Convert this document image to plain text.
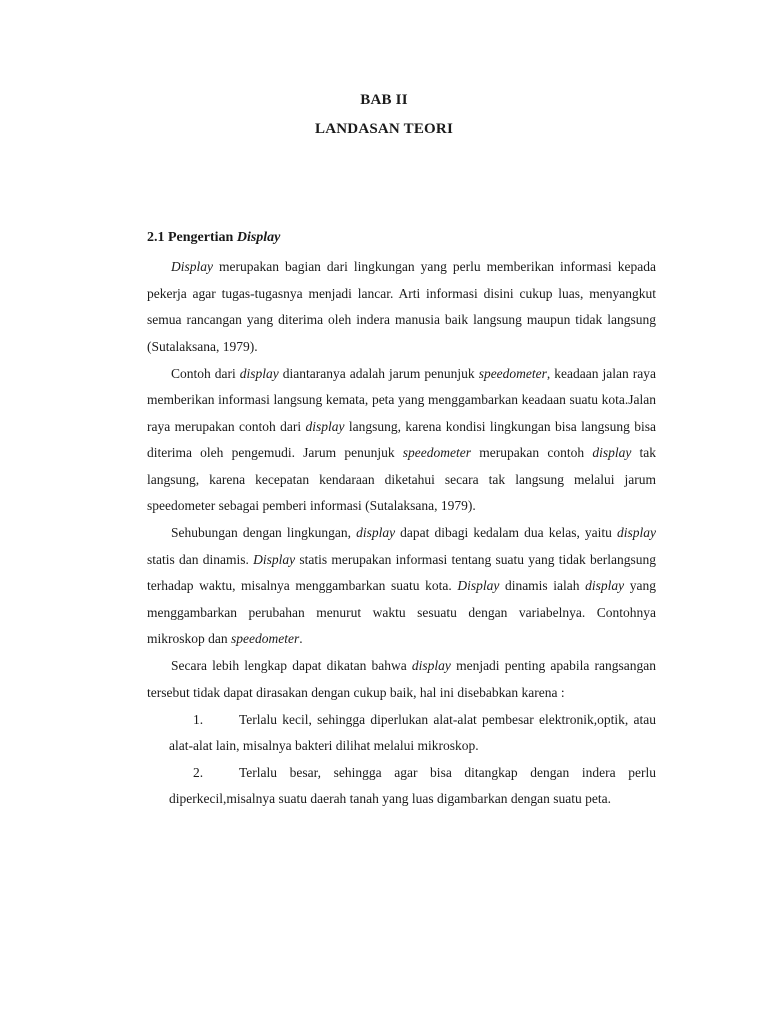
BAB II
LANDASAN TEORI
2.1 Pengertian Display

Display merupakan bagian dari lingkungan yang perlu memberikan informasi kepada pekerja agar tugas-tugasnya menjadi lancar. Arti informasi disini cukup luas, menyangkut semua rancangan yang diterima oleh indera manusia baik langsung maupun tidak langsung (Sutalaksana, 1979).

Contoh dari display diantaranya adalah jarum penunjuk speedometer, keadaan jalan raya memberikan informasi langsung kemata, peta yang menggambarkan keadaan suatu kota.Jalan raya merupakan contoh dari display langsung, karena kondisi lingkungan bisa langsung bisa diterima oleh pengemudi. Jarum penunjuk speedometer merupakan contoh display tak langsung, karena kecepatan kendaraan diketahui secara tak langsung melalui jarum speedometer sebagai pemberi informasi (Sutalaksana, 1979).

Sehubungan dengan lingkungan, display dapat dibagi kedalam dua kelas, yaitu display statis dan dinamis. Display statis merupakan informasi tentang suatu yang tidak berlangsung terhadap waktu, misalnya menggambarkan suatu kota. Display dinamis ialah display yang menggambarkan perubahan menurut waktu sesuatu dengan variabelnya. Contohnya mikroskop dan speedometer.

Secara lebih lengkap dapat dikatan bahwa display menjadi penting apabila rangsangan tersebut tidak dapat dirasakan dengan cukup baik, hal ini disebabkan karena :

1.	Terlalu kecil, sehingga diperlukan alat-alat pembesar elektronik,optik, atau alat-alat lain, misalnya bakteri dilihat melalui mikroskop.
2.	Terlalu besar, sehingga agar bisa ditangkap dengan indera perlu diperkecil,misalnya suatu daerah tanah yang luas digambarkan dengan suatu peta.
